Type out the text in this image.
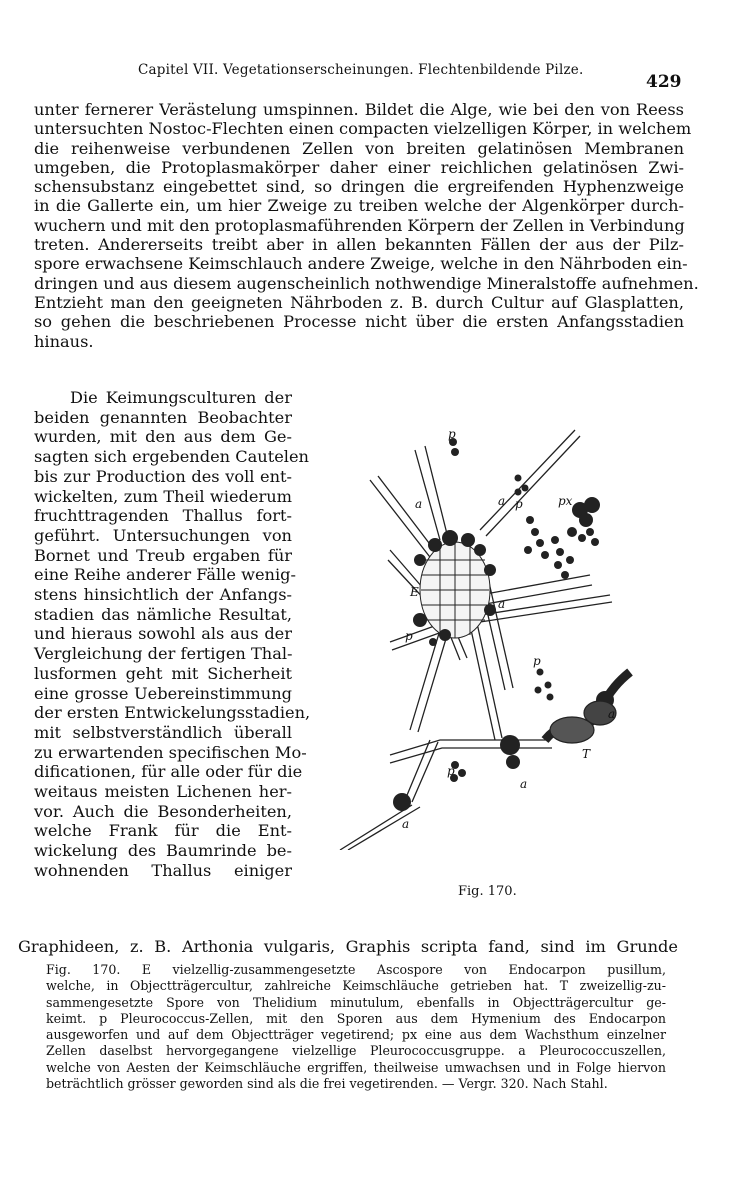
Capitel VII. Vegetationserscheinungen. Flechtenbildende Pilze.
429
unter fernerer Verästelung umspinnen. Bildet die Alge, wie bei den von Reess
untersuchten Nostoc-Flechten einen compacten vielzelligen Körper, in welchem
die reihenweise verbundenen Zellen von breiten gelatinösen Membranen
umgeben, die Protoplasmakörper daher einer reichlichen gelatinösen Zwi-
schensubstanz eingebettet sind, so dringen die ergreifenden Hyphenzweige
in die Gallerte ein, um hier Zweige zu treiben welche der Algenkörper durch-
wuchern und mit den protoplasmaführenden Körpern der Zellen in Verbindung
treten. Andererseits treibt aber in allen bekannten Fällen der aus der Pilz-
spore erwachsene Keimschlauch andere Zweige, welche in den Nährboden ein-
dringen und aus diesem augenscheinlich nothwendige Mineralstoffe aufnehmen.
Entzieht man den geeigneten Nährboden z. B. durch Cultur auf Glasplatten,
so gehen die beschriebenen Processe nicht über die ersten Anfangsstadien
hinaus.
Die Keimungsculturen der
beiden genannten Beobachter
wurden, mit den aus dem Ge-
sagten sich ergebenden Cautelen
bis zur Production des voll ent-
wickelten, zum Theil wiederum
fruchttragenden Thallus fort-
geführt. Untersuchungen von
Bornet und Treub ergaben für
eine Reihe anderer Fälle wenig-
stens hinsichtlich der Anfangs-
stadien das nämliche Resultat,
und hieraus sowohl als aus der
Vergleichung der fertigen Thal-
lusformen geht mit Sicherheit
eine grosse Uebereinstimmung
der ersten Entwickelungsstadien,
mit selbstverständlich überall
zu erwartenden specifischen Mo-
dificationen, für alle oder für die
weitaus meisten Lichenen her-
vor. Auch die Besonderheiten,
welche Frank für die Ent-
wickelung des Baumrinde be-
wohnenden Thallus einiger
Graphideen, z. B. Arthonia vulgaris, Graphis scripta fand, sind im Grunde
p
px
a	a p
E
a
p
p
a
T
p
a
a
Fig. 170.
Fig. 170. E vielzellig-zusammengesetzte Ascospore von Endocarpon pusillum,
welche, in Objectträgercultur, zahlreiche Keimschläuche getrieben hat. T zweizellig-zu-
sammengesetzte Spore von Thelidium minutulum, ebenfalls in Objectträgercultur ge-
keimt. p Pleurococcus-Zellen, mit den Sporen aus dem Hymenium des Endocarpon
ausgeworfen und auf dem Objectträger vegetirend; px eine aus dem Wachsthum einzelner
Zellen daselbst hervorgegangene vielzellige Pleurococcusgruppe. a Pleurococcuszellen,
welche von Aesten der Keimschläuche ergriffen, theilweise umwachsen und in Folge hiervon
beträchtlich grösser geworden sind als die frei vegetirenden. — Vergr. 320. Nach Stahl.
